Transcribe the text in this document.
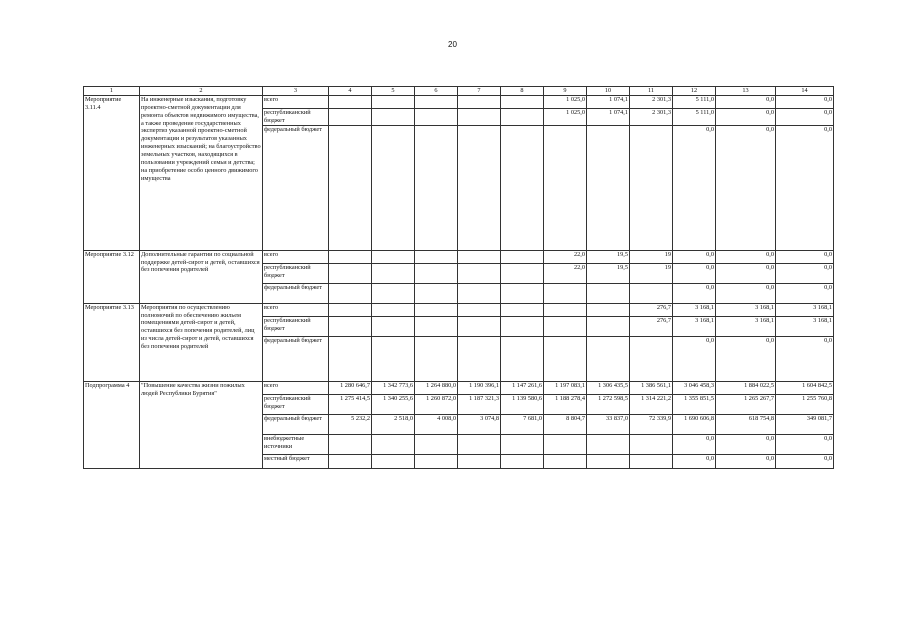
20
1	2	3	4	5	6	7	8	9	10	11	12	13	14
Мероприятие 3.11.4	На инженерные изыскания, подготовку проектно-сметной документации для ремонта объектов недвижимого имущества, а также проведение государственных экспертиз указанной проектно-сметной документации и результатов указанных инженерных изысканий; на благоустройство земельных участков, находящихся в пользовании учреждений семьи и детства; на приобретение особо ценного движимого имущества	всего						1 025,0	1 074,1	2 301,3	5 111,0	0,0	0,0
		республиканский бюджет						1 025,0	1 074,1	2 301,3	5 111,0	0,0	0,0
		федеральный бюджет									0,0	0,0	0,0
Мероприятие 3.12	Дополнительные гарантии по социальной поддержке детей-сирот и детей, оставшихся без попечения родителей	всего						22,0	19,5	19	0,0	0,0	0,0
		республиканский бюджет						22,0	19,5	19	0,0	0,0	0,0
		федеральный бюджет									0,0	0,0	0,0
Мероприятие 3.13	Мероприятия по осуществлению полномочий по обеспечению жильем помещениями детей-сирот и детей, оставшихся без попечения родителей, лиц из числа детей-сирот и детей, оставшихся без попечения родителей	всего								276,7	3 168,1	3 168,1	3 168,1
		республиканский бюджет								276,7	3 168,1	3 168,1	3 168,1
		федеральный бюджет									0,0	0,0	0,0
Подпрограмма 4	"Повышение качества жизни пожилых людей Республики Бурятия"	всего	1 280 646,7	1 342 773,6	1 264 880,0	1 190 396,1	1 147 261,6	1 197 083,1	1 306 435,5	1 386 561,1	3 046 458,3	1 884 022,5	1 604 842,5
		республиканский бюджет	1 275 414,5	1 340 255,6	1 260 872,0	1 187 321,3	1 139 580,6	1 188 278,4	1 272 598,5	1 314 221,2	1 355 851,5	1 265 267,7	1 255 760,8
		федеральный бюджет	5 232,2	2 518,0	4 008,0	3 074,8	7 681,0	8 804,7	33 837,0	72 339,9	1 690 606,8	618 754,8	349 081,7
		внебюджетные источники									0,0	0,0	0,0
		местный бюджет									0,0	0,0	0,0
